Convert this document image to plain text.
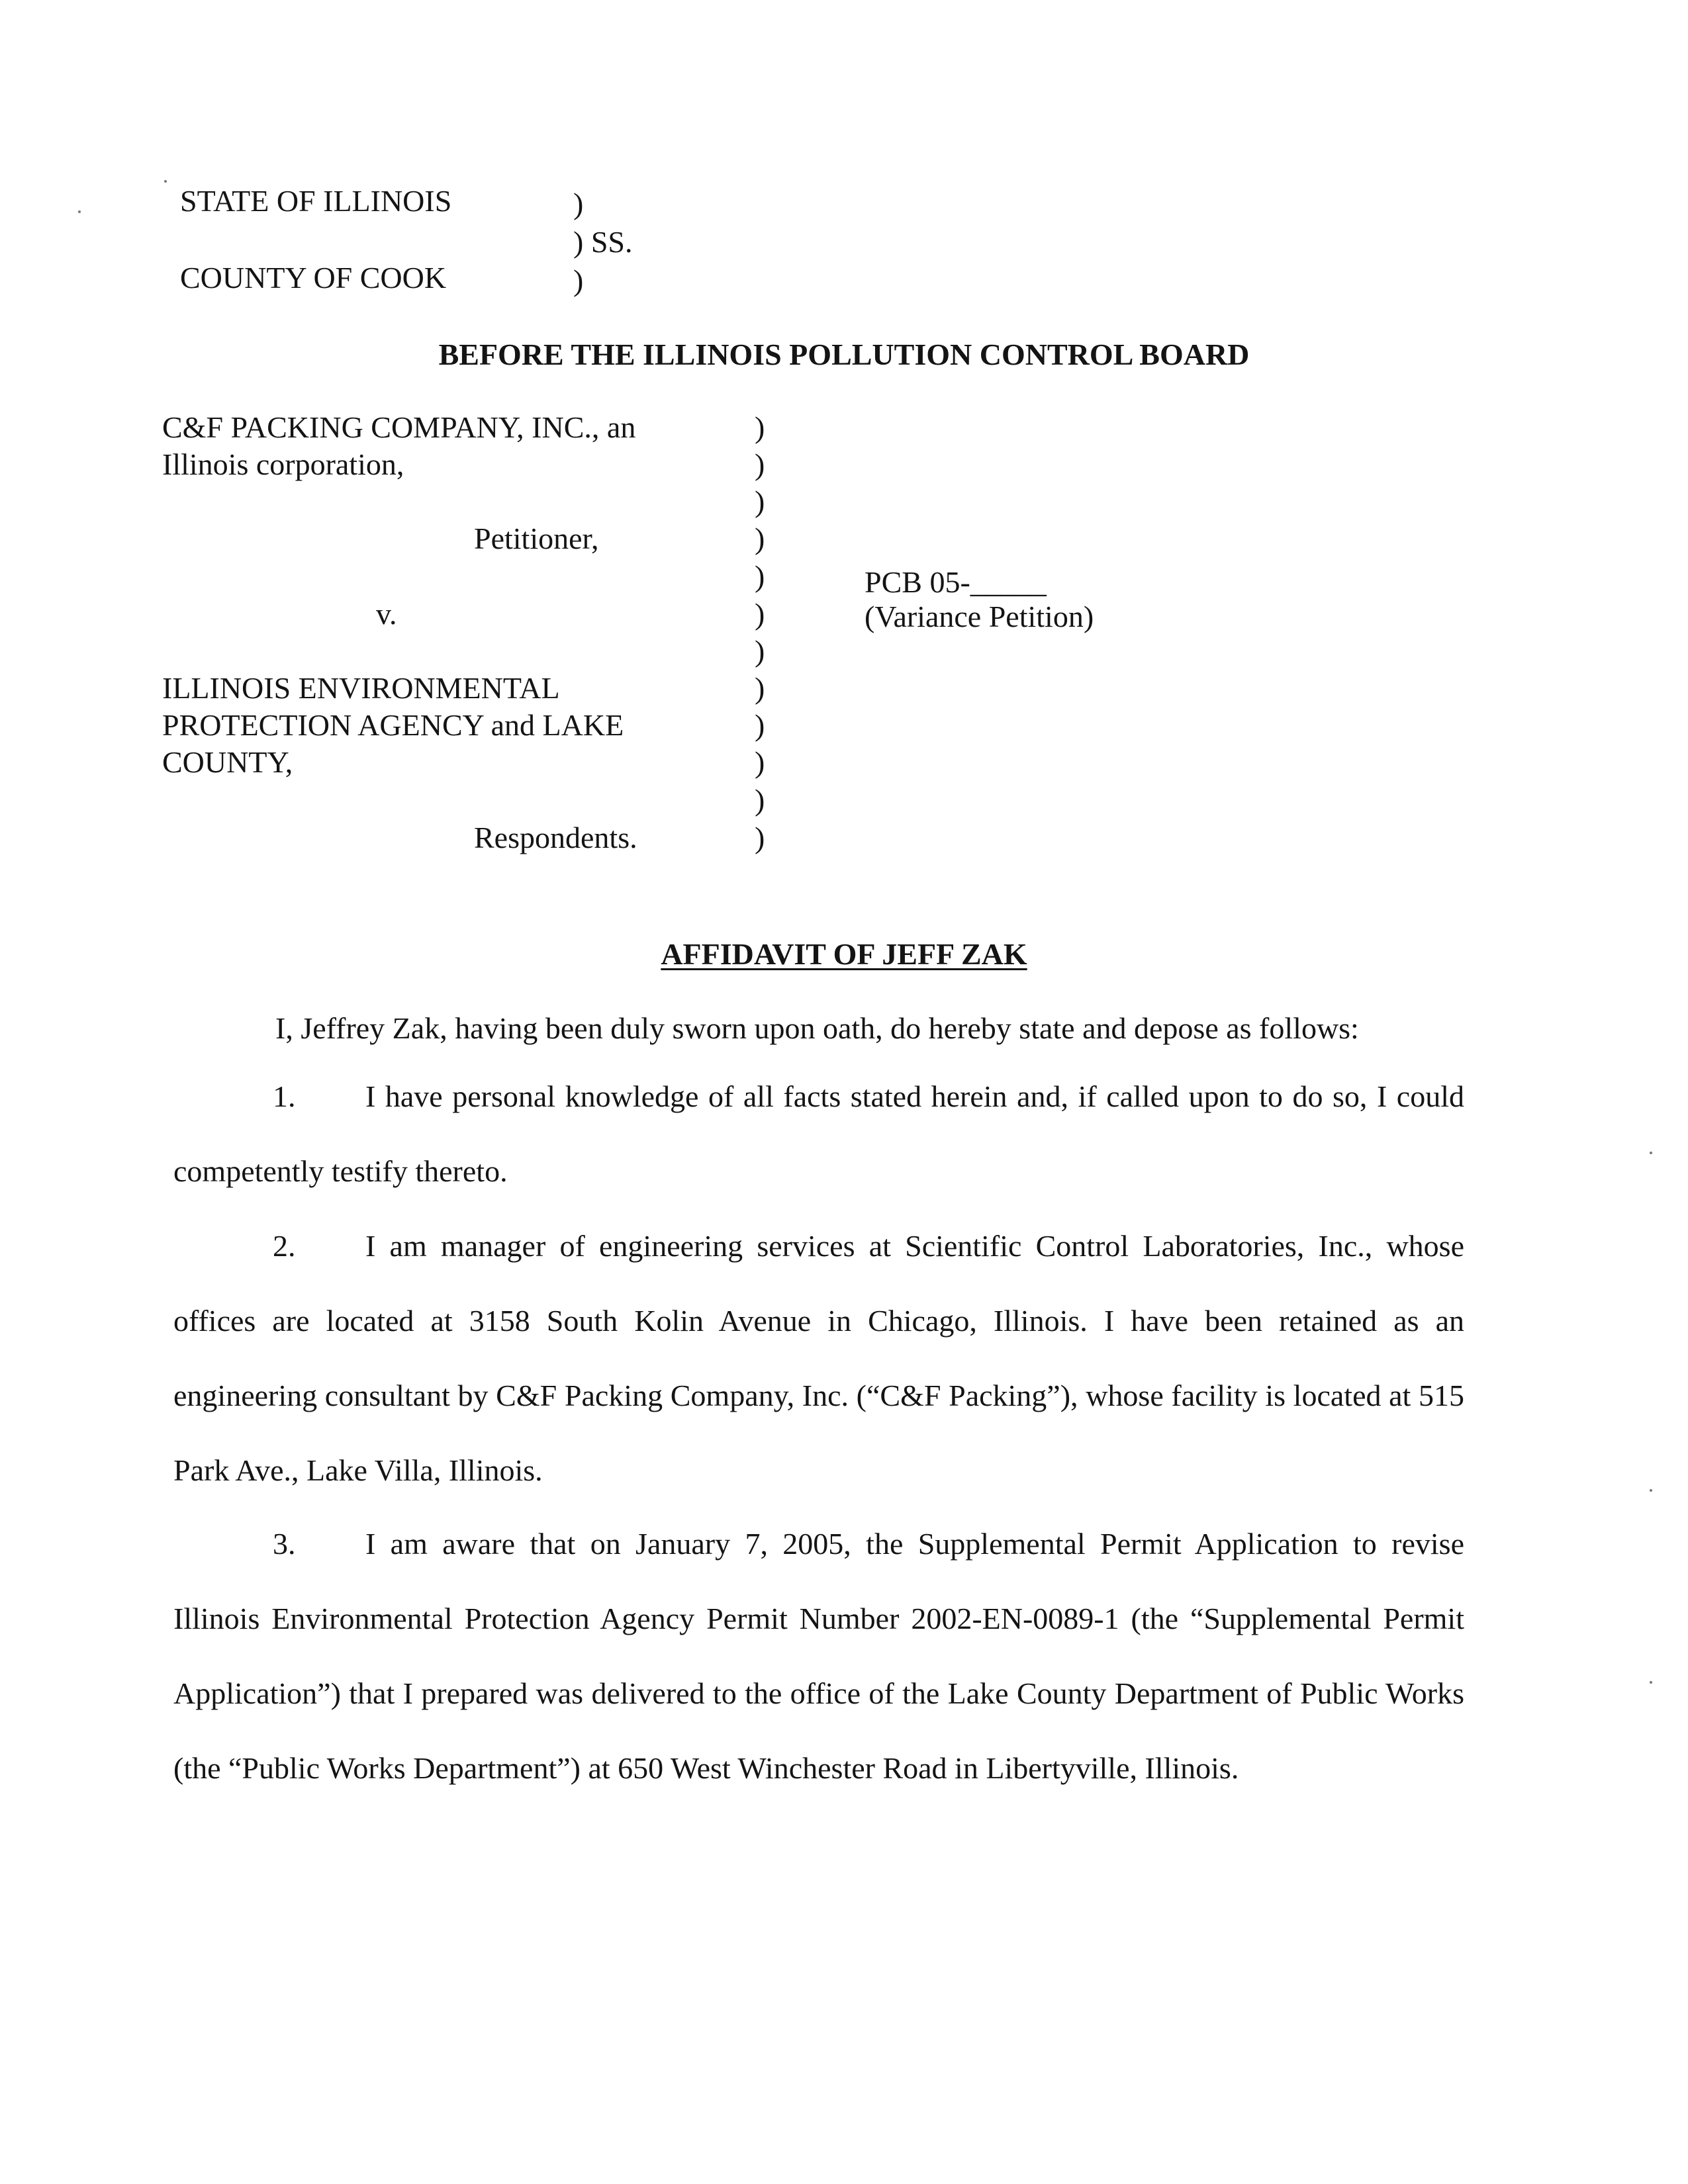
STATE OF ILLINOIS	)
) SS.
COUNTY OF COOK	)
BEFORE THE ILLINOIS POLLUTION CONTROL BOARD
C&F PACKING COMPANY, INC., an
Illinois corporation,
Petitioner,
v.
ILLINOIS ENVIRONMENTAL
PROTECTION AGENCY and LAKE
COUNTY,
Respondents.
)
)
)
)
)
)
)
)
)
)
)
)
PCB 05-_____
(Variance Petition)
AFFIDAVIT OF JEFF ZAK
I, Jeffrey Zak, having been duly sworn upon oath, do hereby state and depose as follows:
1. I have personal knowledge of all facts stated herein and, if called upon to do so, I could competently testify thereto.
2. I am manager of engineering services at Scientific Control Laboratories, Inc., whose offices are located at 3158 South Kolin Avenue in Chicago, Illinois. I have been retained as an engineering consultant by C&F Packing Company, Inc. (“C&F Packing”), whose facility is located at 515 Park Ave., Lake Villa, Illinois.
3. I am aware that on January 7, 2005, the Supplemental Permit Application to revise Illinois Environmental Protection Agency Permit Number 2002-EN-0089-1 (the “Supplemental Permit Application”) that I prepared was delivered to the office of the Lake County Department of Public Works (the “Public Works Department”) at 650 West Winchester Road in Libertyville, Illinois.
